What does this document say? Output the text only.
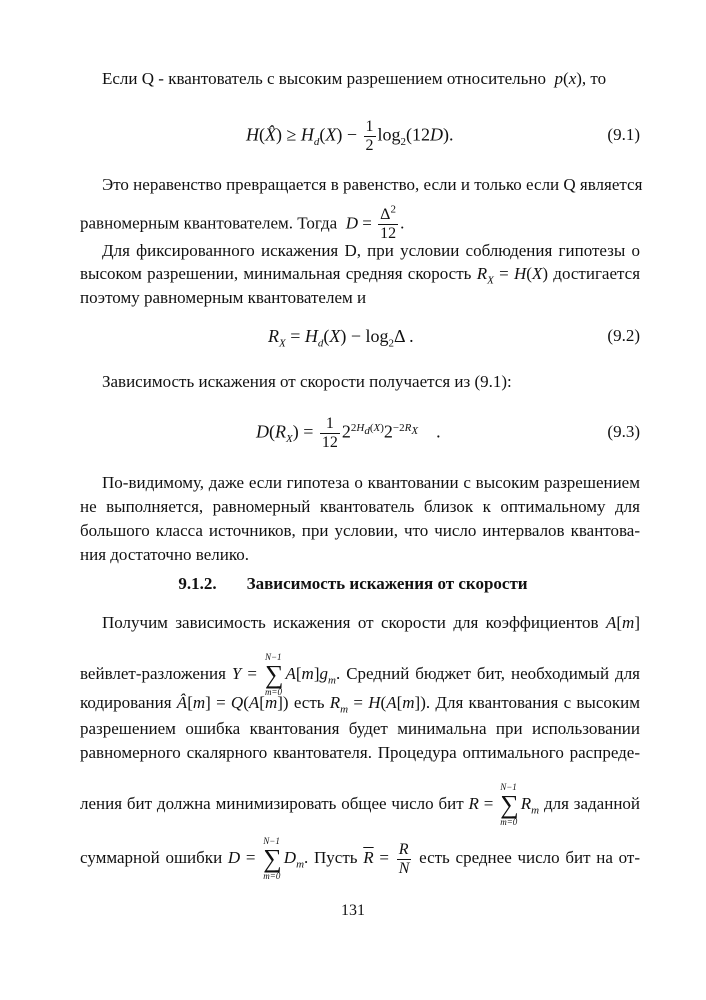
Если Q - квантователь с высоким разрешением относительно p(x), то
H(X̂) ≥ $H_d(X) - \frac{1}{2} \log_2(12D)$.	(9.1)
Это неравенство превращается в равенство, если и только если Q является
равномерным квантователем. Тогда $D = \frac{\Delta^2}{12}$ .
Для фиксированного искажения D, при условии соблюдения гипотезы о
высоком разрешении, минимальная средняя скорость $R_X = H(X)$ достигается
поэтому равномерным квантователем и
$R_X = H_d(X) - \log_2\Delta$ .	(9.2)
Зависимость искажения от скорости получается из (9.1):
$D(R_X) = \frac{1}{12} 2^{2H_d(X)}2^{-2R_X}$    .	(9.3)
По-видимому, даже если гипотеза о квантовании с высоким разрешением
не выполняется, равномерный квантователь близок к оптимальному для
большого класса источников, при условии, что число интервалов квантова-
ния достаточно велико.
9.1.2. Зависимость искажения от скорости
Получим зависимость искажения от скорости для коэффициентов A[m]
вейвлет-разложения Y =
N−1
∑
m=0
$A[m]g_m$. Средний бюджет бит, необходимый для
кодирования Â[m] = Q(A[m]) есть $R_m = H(A[m])$. Для квантования с высоким
разрешением ошибка квантования будет минимальна при использовании
равномерного скалярного квантователя. Процедура оптимального распреде-
ления бит должна минимизировать общее число бит R =
N−1
∑
m=0
$R_m$ для заданной
суммарной ошибки D =
N−1
∑
m=0
$D_m$. Пусть $\overline{R} = \frac{R}{N}$ есть среднее число бит на от-
131
